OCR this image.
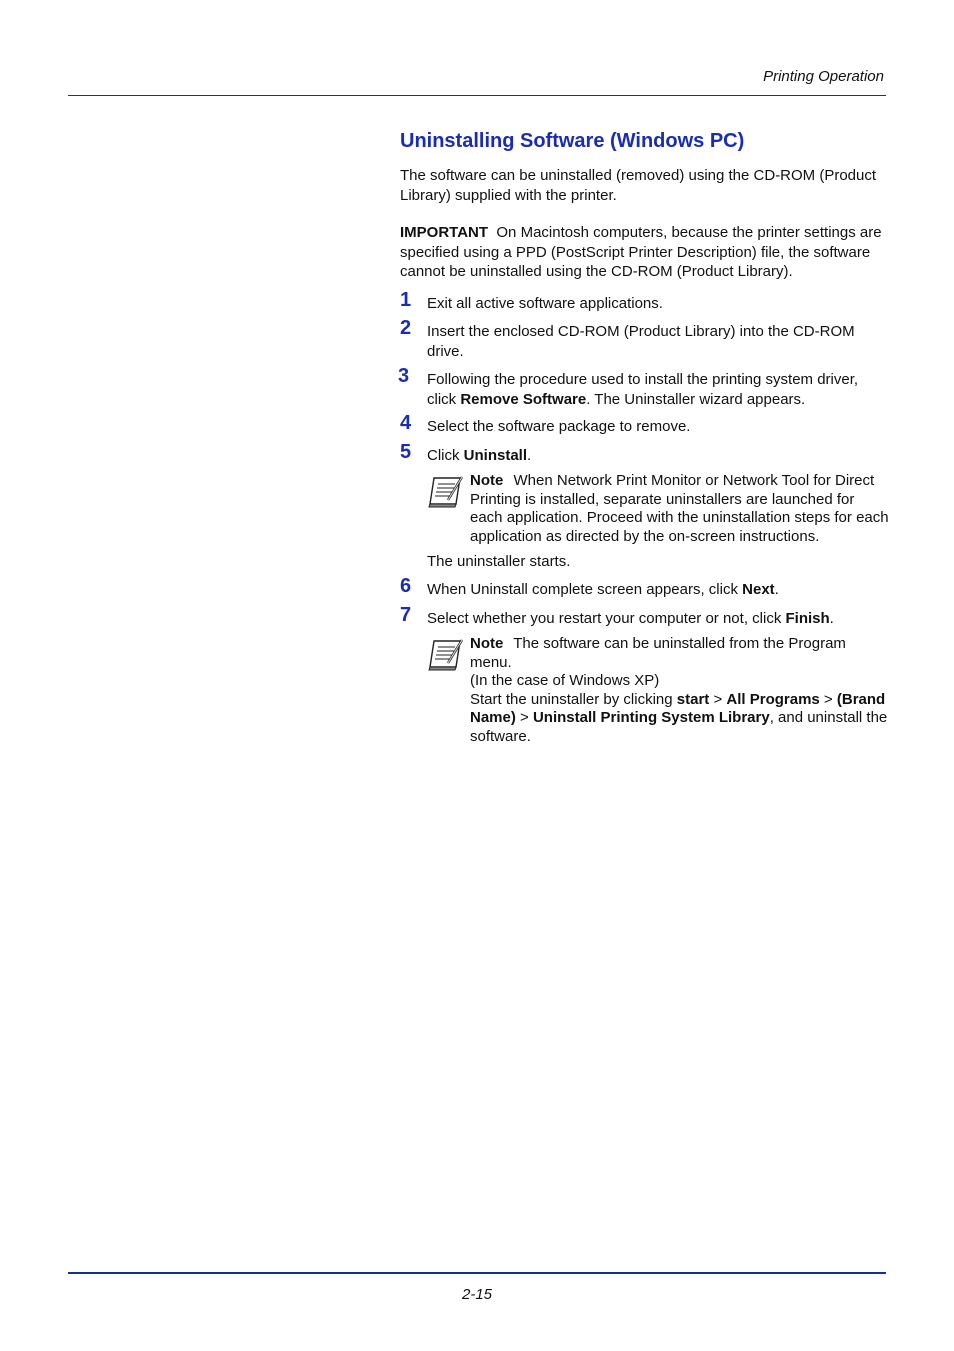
Printing Operation
Uninstalling Software (Windows PC)

The software can be uninstalled (removed) using the CD-ROM (Product Library) supplied with the printer.

IMPORTANT On Macintosh computers, because the printer settings are specified using a PPD (PostScript Printer Description) file, the software cannot be uninstalled using the CD-ROM (Product Library).

1 Exit all active software applications.
2 Insert the enclosed CD-ROM (Product Library) into the CD-ROM drive.
3 Following the procedure used to install the printing system driver, click Remove Software. The Uninstaller wizard appears.
4 Select the software package to remove.
5 Click Uninstall.
Note When Network Print Monitor or Network Tool for Direct Printing is installed, separate uninstallers are launched for each application. Proceed with the uninstallation steps for each application as directed by the on-screen instructions.
The uninstaller starts.
6 When Uninstall complete screen appears, click Next.
7 Select whether you restart your computer or not, click Finish.
Note The software can be uninstalled from the Program menu.
(In the case of Windows XP)
Start the uninstaller by clicking start > All Programs > (Brand Name) > Uninstall Printing System Library, and uninstall the software.
2-15
